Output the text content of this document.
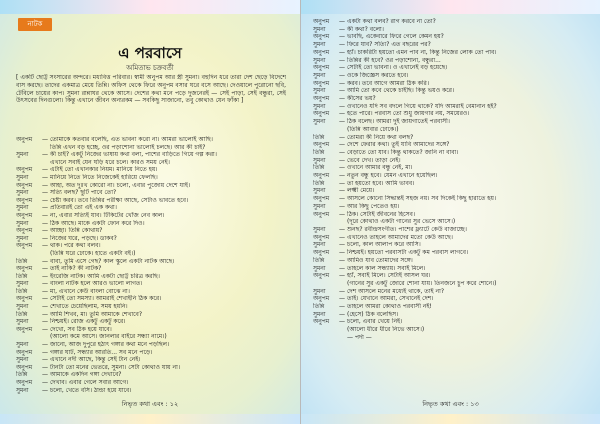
নাটক
এ পরবাসে
অমিতাভ চক্রবর্তী
[ একটি ছোট্ট সংসারের অন্দরে। মধ্যবিত্ত পরিবার। স্বামী অনুপম আর স্ত্রী সুমনা। বহুদিন ধরে তারা দেশ ছেড়ে বিদেশে বাস করছে। তাদের একমাত্র মেয়ে তিন্নি। অফিস থেকে ফিরে অনুপম বসার ঘরে বসে আছে। দেওয়ালে পুরোনো ছবি, টেবিলে চায়ের কাপ। সুমনা রান্নাঘর থেকে আসে। দেশের কথা মনে পড়ে দুজনেরই — সেই পাড়া, সেই বন্ধুরা, সেই উৎসবের দিনগুলো। কিন্তু এখানে জীবন অন্যরকম — সবকিছু সাজানো, তবু কোথাও যেন ফাঁকা ]
অনুপম — তোমাকে কতবার বলেছি, এত ভাবনা করো না। আমরা ভালোই আছি।
তিন্নি এখন বড় হচ্ছে, ওর পড়াশোনা ভালোই চলছে। আর কী চাই?
সুমনা — কী চাই? একটু নিজের ভাষায় কথা বলা, পাশের বাড়িতে গিয়ে গল্প করা।
এখানে সবাই যেন ঘড়ি ধরে চলে। কারও সময় নেই।
অনুপম — এটাই তো এখানকার নিয়ম। মানিয়ে নিতে হয়।
সুমনা — মানিয়ে নিতে নিতে নিজেকেই হারিয়ে ফেলছি।
অনুপম — আহা, অত দুঃখ কোরো না। চলো, এবার পুজোয় দেশে যাই।
সুমনা — সত্যি বলছ? ছুটি পাবে তো?
অনুপম — চেষ্টা করব। তবে তিন্নির পরীক্ষা আছে, সেটাও ভাবতে হবে।
সুমনা — প্রতিবারই তো এই এক কথা।
অনুপম — না, এবার সত্যিই যাব। টিকিটের খোঁজ নেব কাল।
সুমনা — ঠিক আছে। মাকে একটা ফোন করে দিও।
অনুপম — আচ্ছা। তিন্নি কোথায়?
সুমনা — নিজের ঘরে, পড়ছে। ডাকব?
অনুপম — থাক। পরে কথা বলব।
(তিন্নি ঘরে ঢোকে। হাতে একটা বই।)
তিন্নি — বাবা, তুমি এসে গেছ? কাল স্কুলে একটা নাটক আছে।
অনুপম — তাই নাকি? কী নাটক?
তিন্নি — ইংরেজি নাটক। আমি একটা ছোট্ট চরিত্র করছি।
সুমনা — বাংলা নাটক হলে আরও ভালো লাগত।
তিন্নি — মা, এখানে কেউ বাংলা বোঝে না।
অনুপম — সেটাই তো সমস্যা। আমরাই শেখাইনি ঠিক করে।
সুমনা — শেখাতে চেয়েছিলাম, সময় হয়নি।
তিন্নি — আমি শিখব, মা। তুমি আমাকে শেখাবে?
সুমনা — নিশ্চয়ই। রোজ একটু একটু করে।
অনুপম — দেখো, সব ঠিক হয়ে যাবে।
(আলো কমে আসে। জানলার বাইরে সন্ধ্যা নামে।)
সুমনা — জানো, আজ দুপুরে হঠাৎ গঙ্গার কথা মনে পড়ছিল।
অনুপম — গঙ্গার ঘাট, সন্ধ্যার আরতি... সব মনে পড়ে।
সুমনা — এখানে নদী আছে, কিন্তু সেই টান নেই।
অনুপম — টানটা তো মনের ভেতরে, সুমনা। সেটা কোথাও যায় না।
তিন্নি — আমাকে একদিন গঙ্গা দেখাবে?
অনুপম — দেখাব। এবার গেলে সবার আগে।
সুমনা — চলো, খেতে বসি। ঠান্ডা হয়ে যাবে।
নিভৃত কথা এবং : ১২
অনুপম — একটা কথা বলব? রাগ করবে না তো?
সুমনা — কী কথা? বলো।
অনুপম — ভাবছি, একেবারে ফিরে গেলে কেমন হয়?
সুমনা — ফিরে যাব? সত্যি? এত বছরের পর?
অনুপম — হ্যাঁ। চাকরিটা হয়তো এমন পাব না, কিন্তু নিজের লোক তো পাব।
সুমনা — তিন্নির কী হবে? ওর পড়াশোনা, বন্ধুরা...
অনুপম — সেটাই তো ভাবনা। ও এখানেই বড় হয়েছে।
সুমনা — ওকে জিজ্ঞেস করতে হবে।
অনুপম — করব। তবে আগে আমরা ঠিক করি।
সুমনা — আমি তো কবে থেকে চাইছি। কিন্তু ভয়ও করে।
অনুপম — কীসের ভয়?
সুমনা — ওখানেও যদি সব বদলে গিয়ে থাকে? যদি আমরাই বেমানান হই?
অনুপম — হতে পারে। পরবাস তো শুধু জায়গার নয়, সময়েরও।
সুমনা — ঠিক বলেছ। আমরা দুই জায়গাতেই পরবাসী।
(তিন্নি আবার ঢোকে।)
তিন্নি — তোমরা কী নিয়ে কথা বলছ?
অনুপম — দেশে ফেরার কথা। তুই যাবি আমাদের সঙ্গে?
তিন্নি — বেড়াতে তো যাব। কিন্তু থাকতে? জানি না বাবা।
সুমনা — ভেবে দেখ। তাড়া নেই।
তিন্নি — ওখানে আমার বন্ধু নেই, মা।
অনুপম — নতুন বন্ধু হবে। যেমন এখানে হয়েছিল।
তিন্নি — তা হয়তো হবে। আমি ভাবব।
সুমনা — লক্ষ্মী মেয়ে।
অনুপম — আসলে কোনো সিদ্ধান্তই সহজ নয়। সব দিকেই কিছু হারাতে হয়।
সুমনা — আর কিছু পেতেও হয়।
অনুপম — ঠিক। সেটাই জীবনের হিসেব।
(দূরে কোথাও একটা গানের সুর ভেসে আসে।)
সুমনা — শুনছ? রবীন্দ্রসংগীত। পাশের ফ্ল্যাটে কেউ বাজাচ্ছে।
অনুপম — এখানেও তাহলে আমাদের মতো কেউ আছে।
সুমনা — চলো, কাল আলাপ করে আসি।
অনুপম — নিশ্চয়ই। হয়তো পরবাসটা একটু কম পরবাস লাগবে।
তিন্নি — আমিও যাব তোমাদের সঙ্গে।
সুমনা — তাহলে কাল সন্ধ্যায়। সবাই মিলে।
অনুপম — হ্যাঁ, সবাই মিলে। সেটাই আসল ঘর।
(গানের সুর একটু জোরে শোনা যায়। তিনজনে চুপ করে শোনে।)
সুমনা — দেশ আসলে মনের মধ্যেই থাকে, তাই না?
অনুপম — তাই। যেখানে আমরা, সেখানেই দেশ।
তিন্নি — তাহলে আমরা কোথাও পরবাসী নই!
সুমনা — (হেসে) ঠিক বলেছিস।
অনুপম — চলো, এবার খেয়ে নিই।
(আলো ধীরে ধীরে নিভে আসে।)
— পর্দা —
নিভৃত কথা এবং : ১৩
